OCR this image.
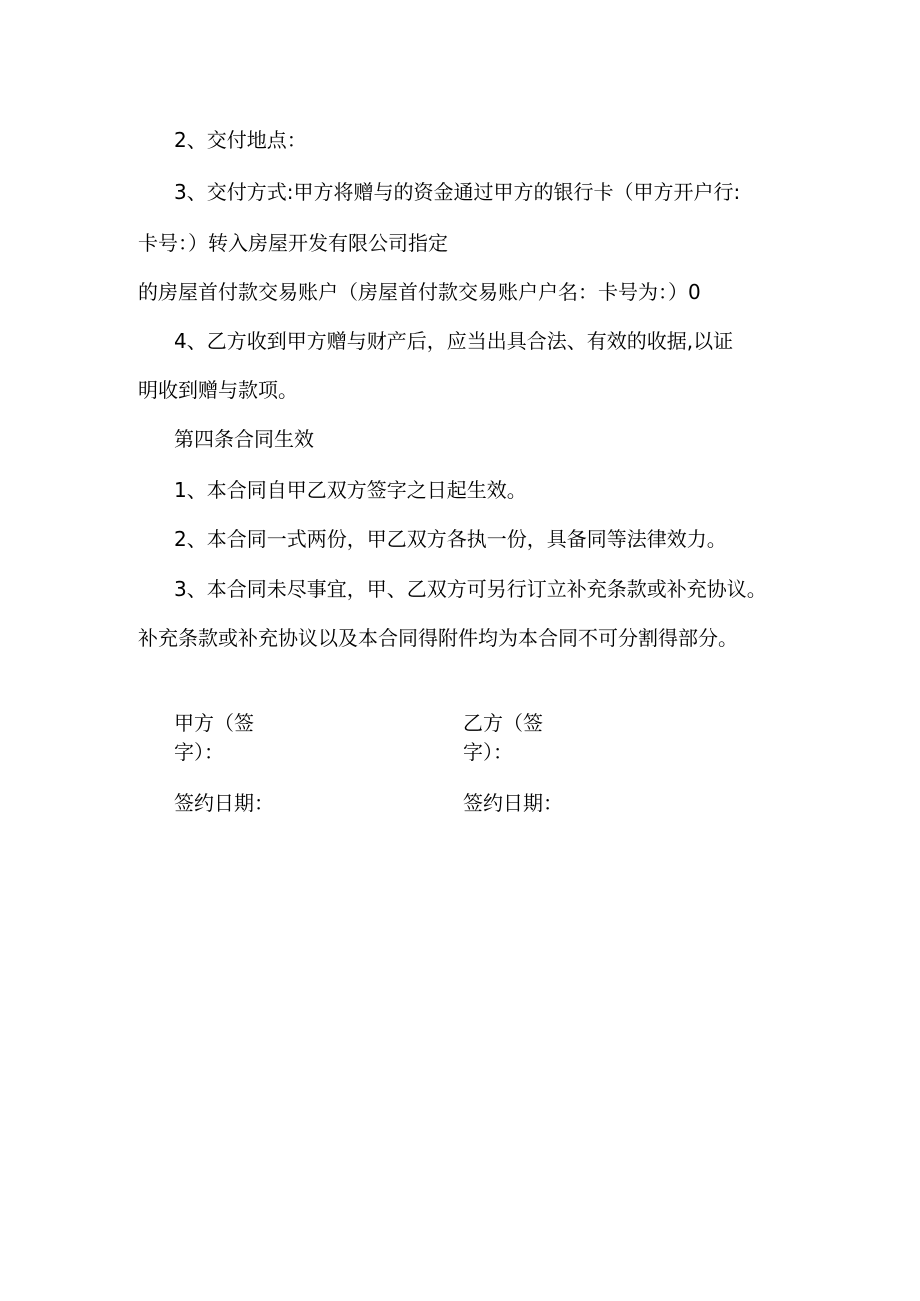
2、交付地点：
3、交付方式:甲方将赠与的资金通过甲方的银行卡（甲方开户行:
卡号：）转入房屋开发有限公司指定
的房屋首付款交易账户（房屋首付款交易账户户名：卡号为：）0
4、乙方收到甲方赠与财产后，应当出具合法、有效的收据,以证
明收到赠与款项。
第四条合同生效
1、本合同自甲乙双方签字之日起生效。
2、本合同一式两份，甲乙双方各执一份，具备同等法律效力。
3、本合同未尽事宜，甲、乙双方可另行订立补充条款或补充协议。
补充条款或补充协议以及本合同得附件均为本合同不可分割得部分。
甲方（签
字）：
乙方（签
字）：
签约日期：	签约日期：
